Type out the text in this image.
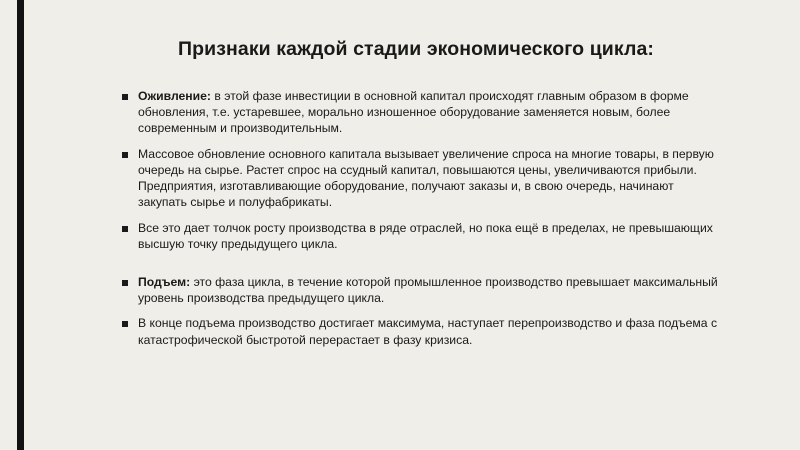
Признаки каждой стадии экономического цикла:
Оживление: в этой фазе инвестиции в основной капитал происходят главным образом в форме обновления, т.е. устаревшее, морально изношенное оборудование заменяется новым, более современным и производительным.
Массовое обновление основного капитала вызывает увеличение спроса на многие товары, в первую очередь на сырье. Растет спрос на ссудный капитал, повышаются цены, увеличиваются прибыли. Предприятия, изготавливающие оборудование, получают заказы и, в свою очередь, начинают закупать сырье и полуфабрикаты.
Все это дает толчок росту производства в ряде отраслей, но пока ещё в пределах, не превышающих высшую точку предыдущего цикла.
Подъем: это фаза цикла, в течение которой промышленное производство превышает максимальный уровень производства предыдущего цикла.
В конце подъема производство достигает максимума, наступает перепроизводство и фаза подъема с катастрофической быстротой перерастает в фазу кризиса.
